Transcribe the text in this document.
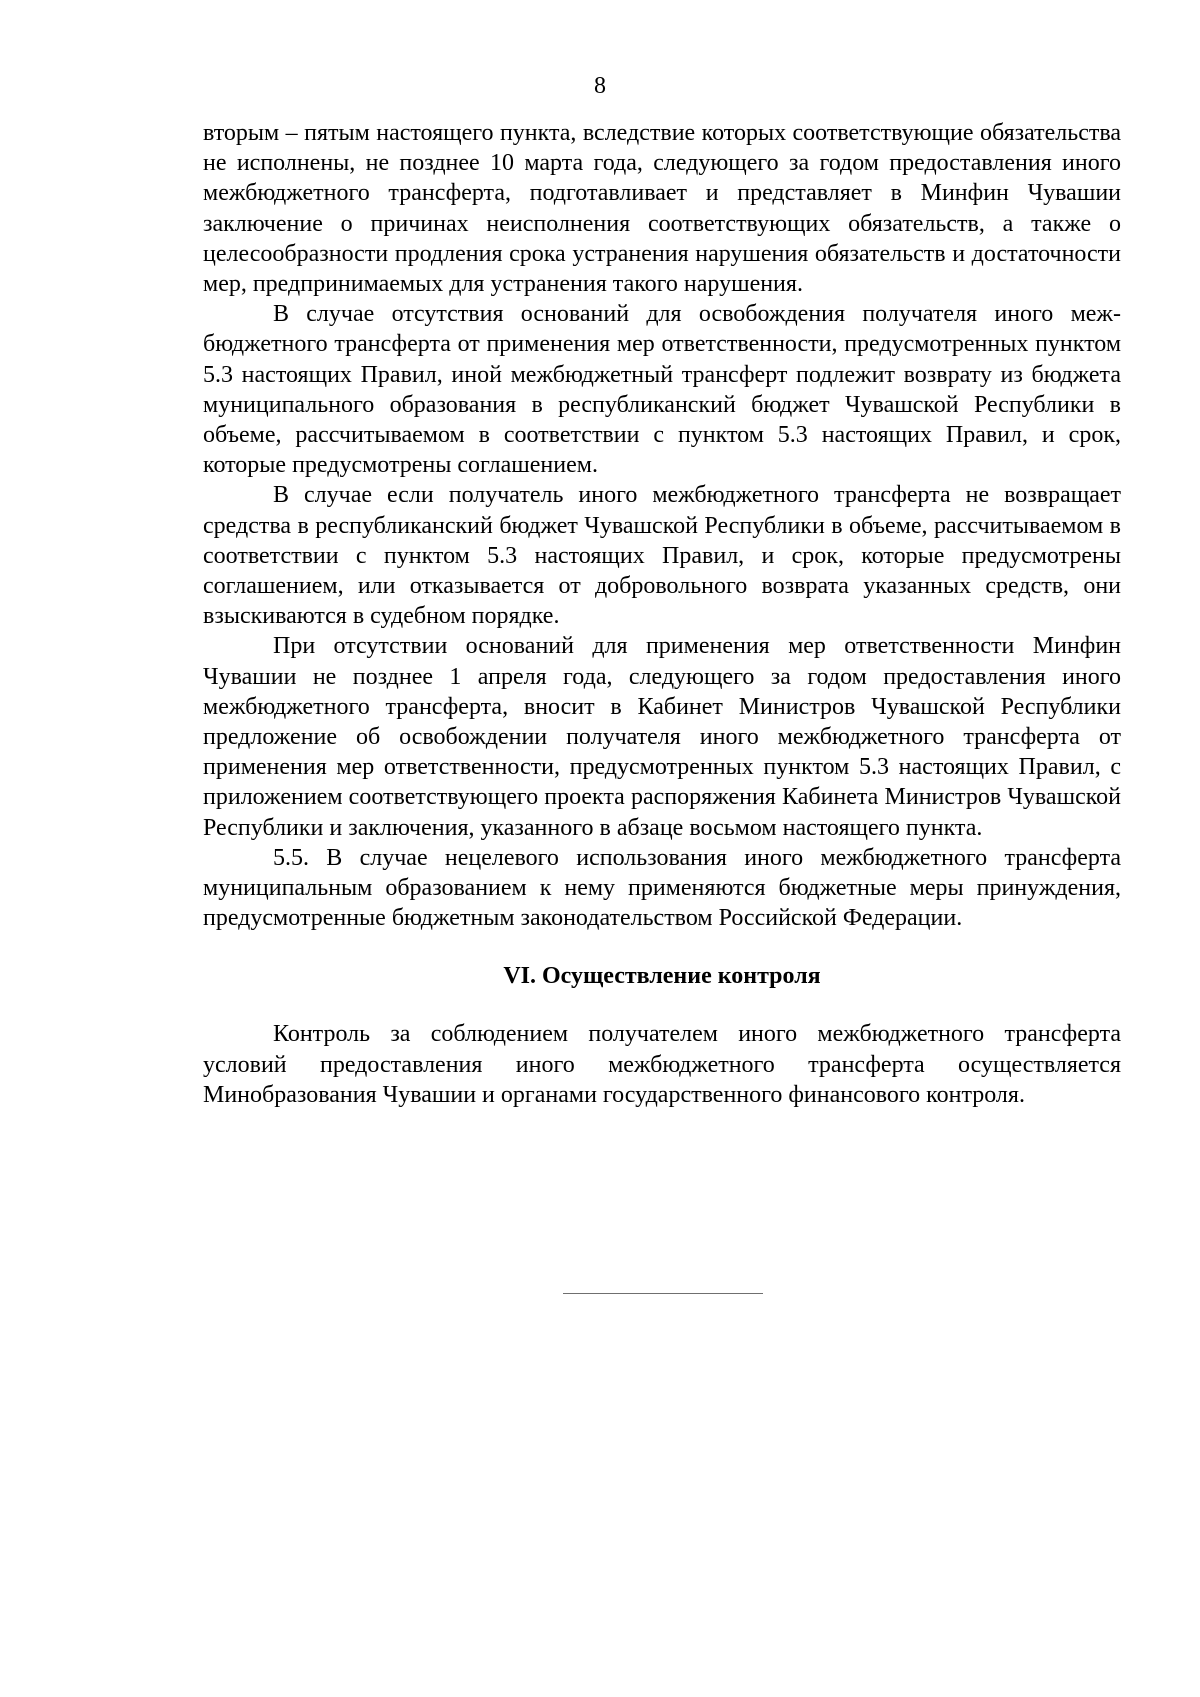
8

вторым – пятым настоящего пункта, вследствие которых соответствующие обязательства не исполнены, не позднее 10 марта года, следующего за годом предоставления иного межбюджетного трансферта, подготавливает и представляет в Минфин Чувашии заключение о причинах неисполнения соответствующих обязательств, а также о целесообразности продления срока устранения нарушения обязательств и достаточности мер, предпринимаемых для устранения такого нарушения.

В случае отсутствия оснований для освобождения получателя иного межбюджетного трансферта от применения мер ответственности, предусмотренных пунктом 5.3 настоящих Правил, иной межбюджетный трансферт подлежит возврату из бюджета муниципального образования в республиканский бюджет Чувашской Республики в объеме, рассчитываемом в соответствии с пунктом 5.3 настоящих Правил, и срок, которые предусмотрены соглашением.

В случае если получатель иного межбюджетного трансферта не возвращает средства в республиканский бюджет Чувашской Республики в объеме, рассчитываемом в соответствии с пунктом 5.3 настоящих Правил, и срок, которые предусмотрены соглашением, или отказывается от добровольного возврата указанных средств, они взыскиваются в судебном порядке.

При отсутствии оснований для применения мер ответственности Минфин Чувашии не позднее 1 апреля года, следующего за годом предоставления иного межбюджетного трансферта, вносит в Кабинет Министров Чувашской Республики предложение об освобождении получателя иного межбюджетного трансферта от применения мер ответственности, предусмотренных пунктом 5.3 настоящих Правил, с приложением соответствующего проекта распоряжения Кабинета Министров Чувашской Республики и заключения, указанного в абзаце восьмом настоящего пункта.

5.5. В случае нецелевого использования иного межбюджетного трансферта муниципальным образованием к нему применяются бюджетные меры принуждения, предусмотренные бюджетным законодательством Российской Федерации.

VI. Осуществление контроля

Контроль за соблюдением получателем иного межбюджетного трансферта условий предоставления иного межбюджетного трансферта осуществляется Минобразования Чувашии и органами государственного финансового контроля.
